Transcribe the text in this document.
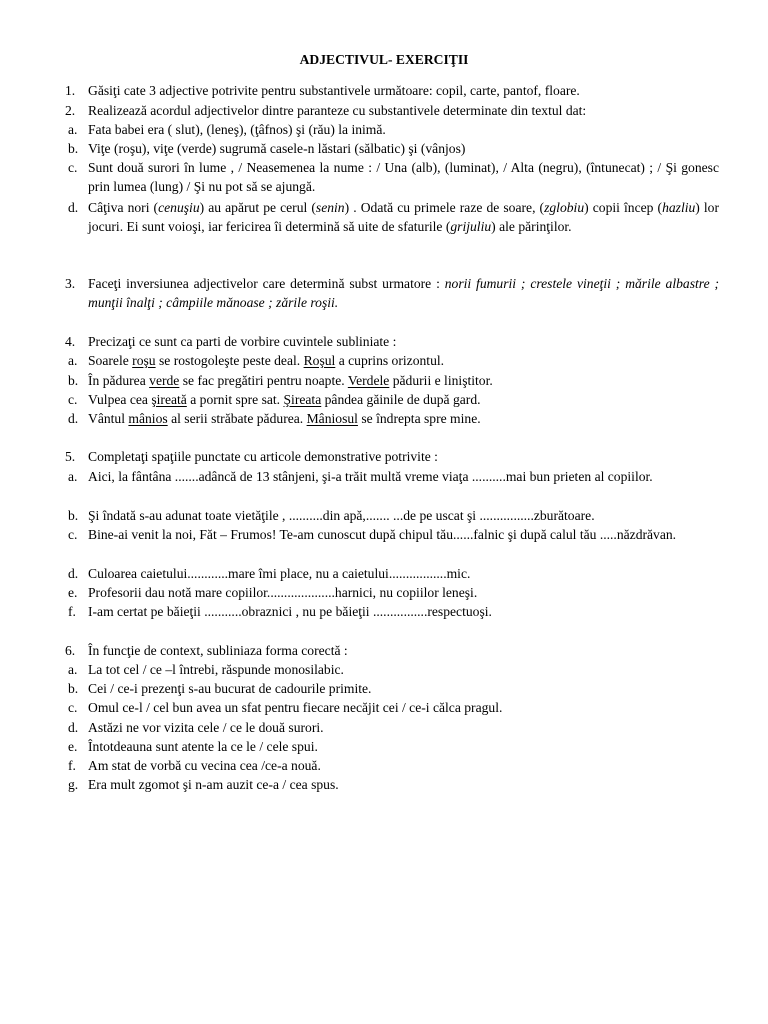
ADJECTIVUL- EXERCIŢII
1. Găsiţi cate 3 adjective potrivite pentru substantivele următoare: copil, carte, pantof, floare.
2. Realizează acordul adjectivelor dintre paranteze cu substantivele determinate din textul dat:
a. Fata babei era ( slut), (leneş), (ţâfnos) şi (rău) la inimă.
b. Viţe (roşu), viţe (verde) sugrumă casele-n lăstari (sălbatic) şi (vânjos)
c. Sunt două surori în lume , / Neasemenea la nume : / Una (alb), (luminat), / Alta (negru), (întunecat) ; / Şi gonesc prin lumea (lung) / Şi nu pot să se ajungă.
d. Câţiva nori (cenuşiu) au apărut pe cerul (senin) . Odată cu primele raze de soare, (zglobiu) copii încep (hazliu) lor jocuri. Ei sunt voioşi, iar fericirea îi determină să uite de sfaturile (grijuliu) ale părinţilor.
3. Faceţi inversiunea adjectivelor care determină subst urmatore : norii fumurii ; crestele vineţii ; mările albastre ; munţii înalţi ; câmpiile mănoase ; zările roşii.
4. Precizaţi ce sunt ca parti de vorbire cuvintele subliniate :
a. Soarele roşu se rostogoleşte peste deal. Roşul a cuprins orizontul.
b. În pădurea verde se fac pregătiri pentru noapte. Verdele pădurii e liniştitor.
c. Vulpea cea şireată a pornit spre sat. Şireata pândea găinile de după gard.
d. Vântul mânios al serii străbate pădurea. Mâniosul se îndrepta spre mine.
5. Completaţi spaţiile punctate cu articole demonstrative potrivite :
a. Aici, la fântâna .......adâncă de 13 stânjeni, şi-a trăit multă vreme viaţa ..........mai bun prieten al copiilor.
b. Şi îndată s-au adunat toate vietăţile , ..........din apă,....... ...de pe uscat şi ................zburătoare.
c. Bine-ai venit la noi, Făt – Frumos! Te-am cunoscut după chipul tău......falnic şi după calul tău .....năzdrăvan.
d. Culoarea caietului............mare îmi place, nu a caietului.................mic.
e. Profesorii dau notă mare copiilor....................harnici, nu copiilor leneşi.
f. I-am certat pe băieţii ...........obraznici , nu pe băieţii ................respectuoşi.
6. În funcţie de context, subliniaza forma corectă :
a. La tot cel / ce –l întrebi, răspunde monosilabic.
b. Cei / ce-i prezenţi s-au bucurat de cadourile primite.
c. Omul ce-l / cel bun avea un sfat pentru fiecare necăjit cei / ce-i călca pragul.
d. Astăzi ne vor vizita cele / ce le două surori.
e. Întotdeauna sunt atente la ce le / cele spui.
f. Am stat de vorbă cu vecina cea /ce-a nouă.
g. Era mult zgomot şi n-am auzit ce-a / cea spus.
